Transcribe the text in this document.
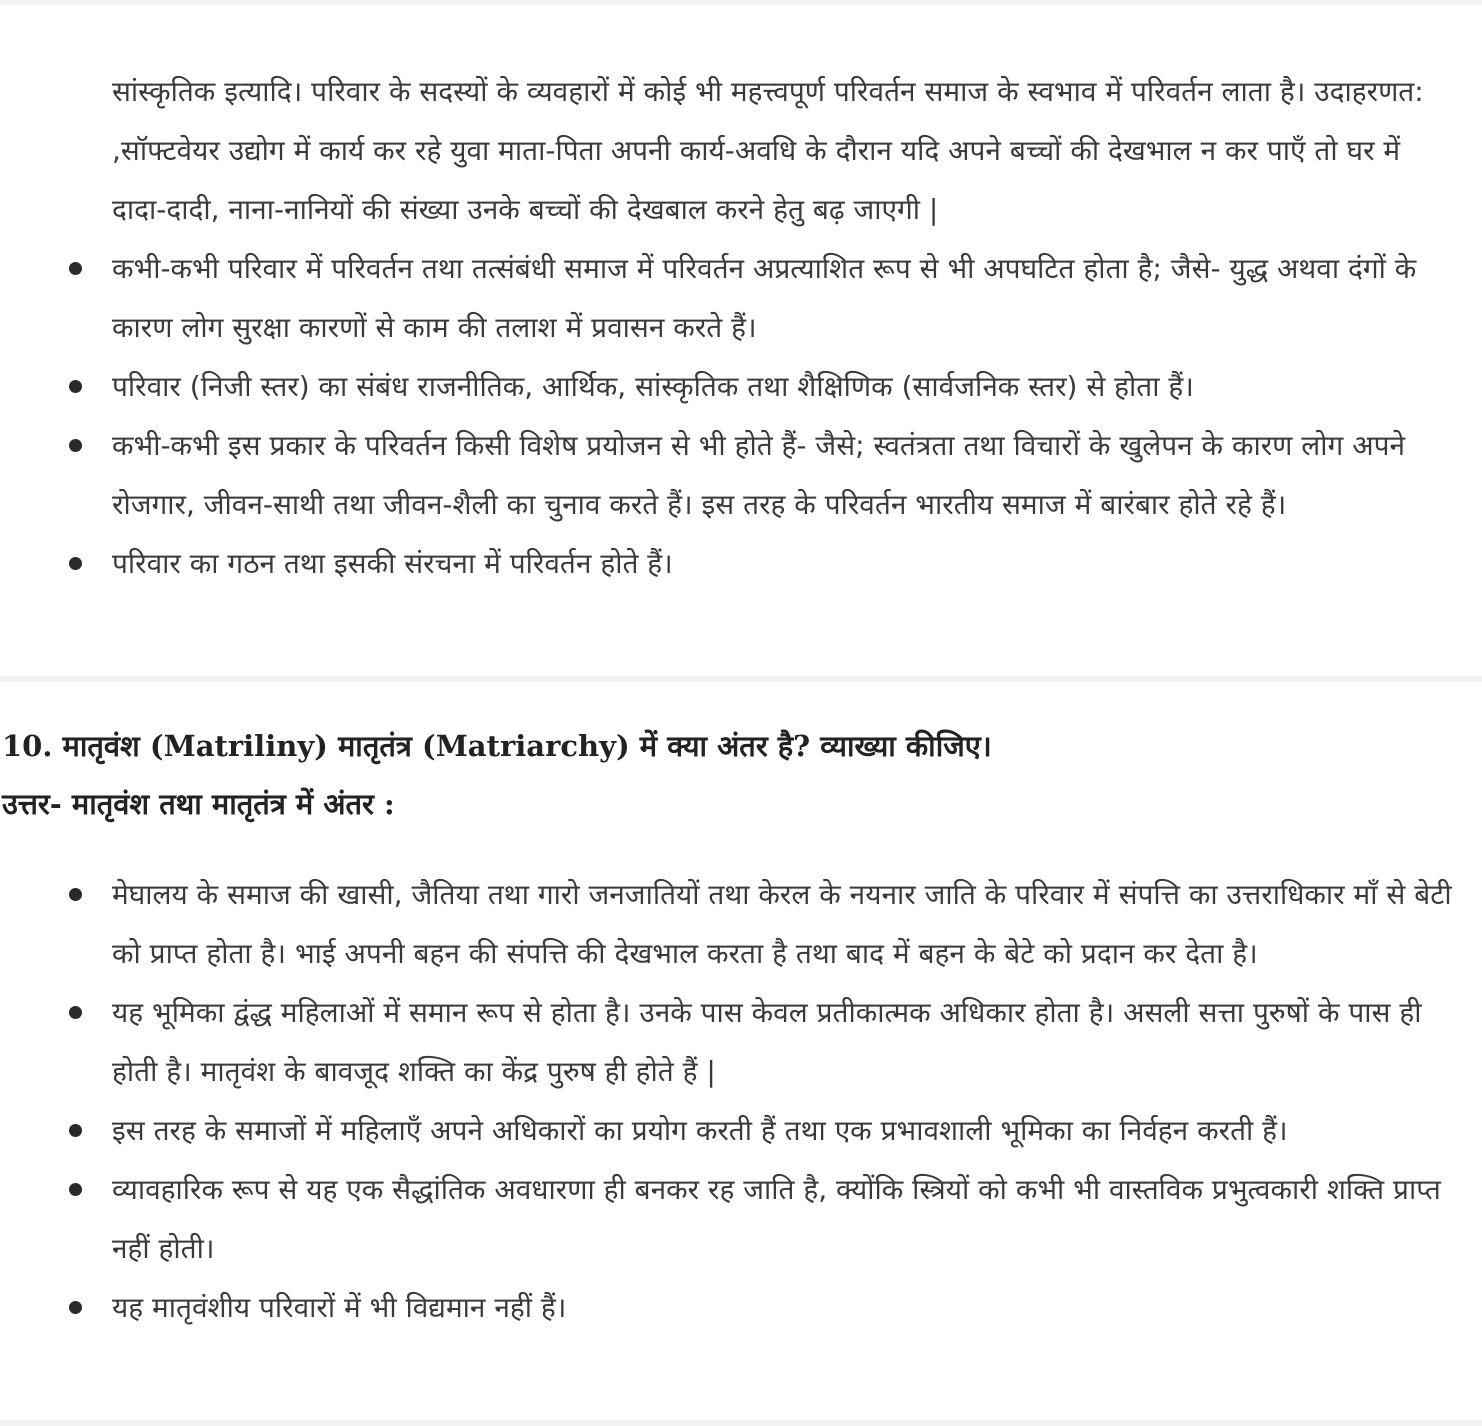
सांस्कृतिक इत्यादि। परिवार के सदस्यों के व्यवहारों में कोई भी महत्त्वपूर्ण परिवर्तन समाज के स्वभाव में परिवर्तन लाता है। उदाहरणत: ,सॉफ्टवेयर उद्योग में कार्य कर रहे युवा माता-पिता अपनी कार्य-अवधि के दौरान यदि अपने बच्चों की देखभाल न कर पाएँ तो घर में दादा-दादी, नाना-नानियों की संख्या उनके बच्चों की देखबाल करने हेतु बढ़ जाएगी |

कभी-कभी परिवार में परिवर्तन तथा तत्संबंधी समाज में परिवर्तन अप्रत्याशित रूप से भी अपघटित होता है; जैसे- युद्ध अथवा दंगों के कारण लोग सुरक्षा कारणों से काम की तलाश में प्रवासन करते हैं।
परिवार (निजी स्तर) का संबंध राजनीतिक, आर्थिक, सांस्कृतिक तथा शैक्षिणिक (सार्वजनिक स्तर) से होता हैं।
कभी-कभी इस प्रकार के परिवर्तन किसी विशेष प्रयोजन से भी होते हैं- जैसे; स्वतंत्रता तथा विचारों के खुलेपन के कारण लोग अपने रोजगार, जीवन-साथी तथा जीवन-शैली का चुनाव करते हैं। इस तरह के परिवर्तन भारतीय समाज में बारंबार होते रहे हैं।
परिवार का गठन तथा इसकी संरचना में परिवर्तन होते हैं।
10. मातृवंश (Matriliny) मातृतंत्र (Matriarchy) में क्या अंतर है? व्याख्या कीजिए।
उत्तर- मातृवंश तथा मातृतंत्र में अंतर :
मेघालय के समाज की खासी, जैतिया तथा गारो जनजातियों तथा केरल के नयनार जाति के परिवार में संपत्ति का उत्तराधिकार माँ से बेटी को प्राप्त होता है। भाई अपनी बहन की संपत्ति की देखभाल करता है तथा बाद में बहन के बेटे को प्रदान कर देता है।
यह भूमिका द्वंद्ध महिलाओं में समान रूप से होता है। उनके पास केवल प्रतीकात्मक अधिकार होता है। असली सत्ता पुरुषों के पास ही होती है। मातृवंश के बावजूद शक्ति का केंद्र पुरुष ही होते हैं |
इस तरह के समाजों में महिलाएँ अपने अधिकारों का प्रयोग करती हैं तथा एक प्रभावशाली भूमिका का निर्वहन करती हैं।
व्यावहारिक रूप से यह एक सैद्धांतिक अवधारणा ही बनकर रह जाति है, क्योंकि स्त्रियों को कभी भी वास्तविक प्रभुत्वकारी शक्ति प्राप्त नहीं होती।
यह मातृवंशीय परिवारों में भी विद्यमान नहीं हैं।
